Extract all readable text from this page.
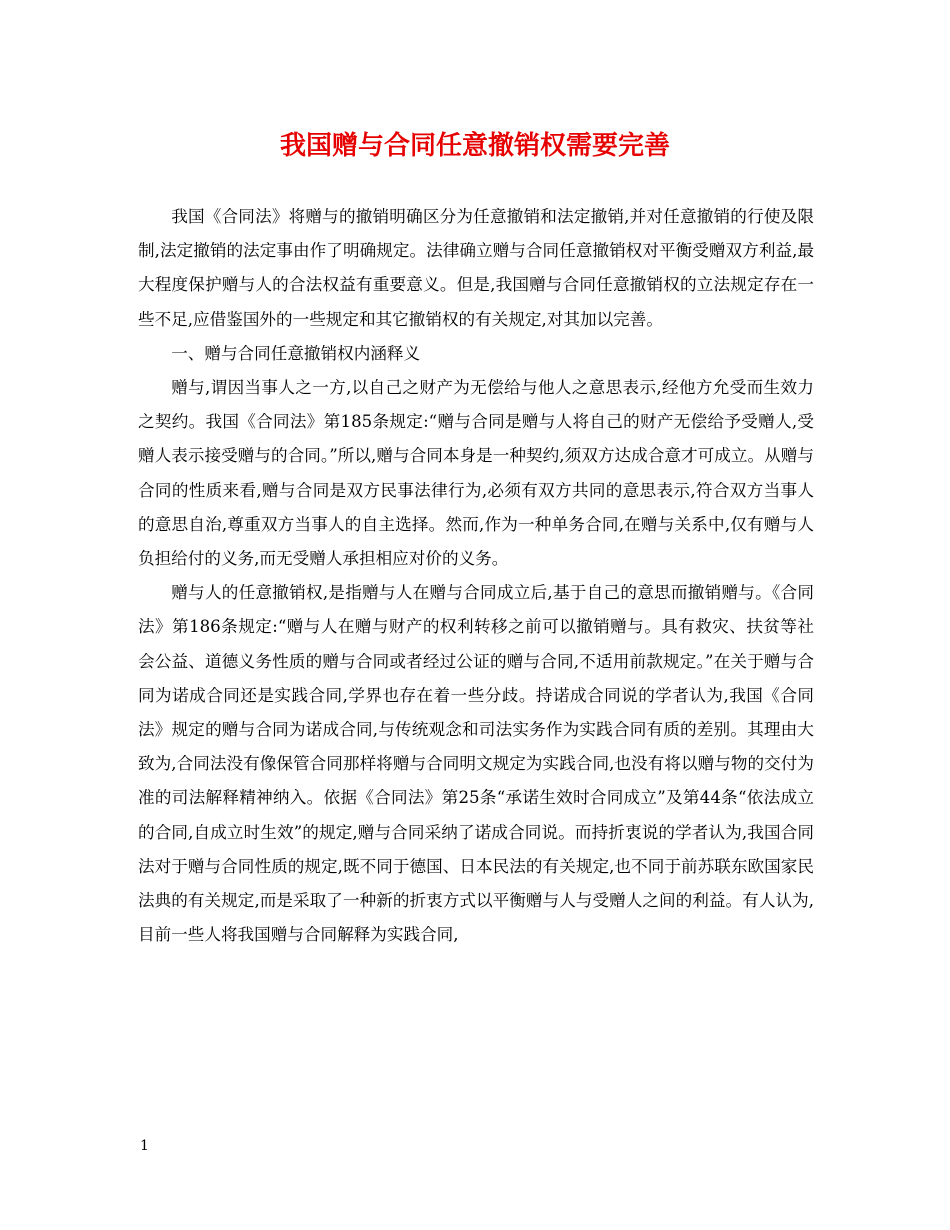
我国赠与合同任意撤销权需要完善

我国《合同法》将赠与的撤销明确区分为任意撤销和法定撤销,并对任意撤销的行使及限制,法定撤销的法定事由作了明确规定。法律确立赠与合同任意撤销权对平衡受赠双方利益,最大程度保护赠与人的合法权益有重要意义。但是,我国赠与合同任意撤销权的立法规定存在一些不足,应借鉴国外的一些规定和其它撤销权的有关规定,对其加以完善。

一、赠与合同任意撤销权内涵释义

赠与,谓因当事人之一方,以自己之财产为无偿给与他人之意思表示,经他方允受而生效力之契约。我国《合同法》第185条规定:“赠与合同是赠与人将自己的财产无偿给予受赠人,受赠人表示接受赠与的合同。”所以,赠与合同本身是一种契约,须双方达成合意才可成立。从赠与合同的性质来看,赠与合同是双方民事法律行为,必须有双方共同的意思表示,符合双方当事人的意思自治,尊重双方当事人的自主选择。然而,作为一种单务合同,在赠与关系中,仅有赠与人负担给付的义务,而无受赠人承担相应对价的义务。

赠与人的任意撤销权,是指赠与人在赠与合同成立后,基于自己的意思而撤销赠与。《合同法》第186条规定:“赠与人在赠与财产的权利转移之前可以撤销赠与。具有救灾、扶贫等社会公益、道德义务性质的赠与合同或者经过公证的赠与合同,不适用前款规定。”在关于赠与合同为诺成合同还是实践合同,学界也存在着一些分歧。持诺成合同说的学者认为,我国《合同法》规定的赠与合同为诺成合同,与传统观念和司法实务作为实践合同有质的差别。其理由大致为,合同法没有像保管合同那样将赠与合同明文规定为实践合同,也没有将以赠与物的交付为准的司法解释精神纳入。依据《合同法》第25条“承诺生效时合同成立”及第44条“依法成立的合同,自成立时生效”的规定,赠与合同采纳了诺成合同说。而持折衷说的学者认为,我国合同法对于赠与合同性质的规定,既不同于德国、日本民法的有关规定,也不同于前苏联东欧国家民法典的有关规定,而是采取了一种新的折衷方式以平衡赠与人与受赠人之间的利益。有人认为,目前一些人将我国赠与合同解释为实践合同,

1
